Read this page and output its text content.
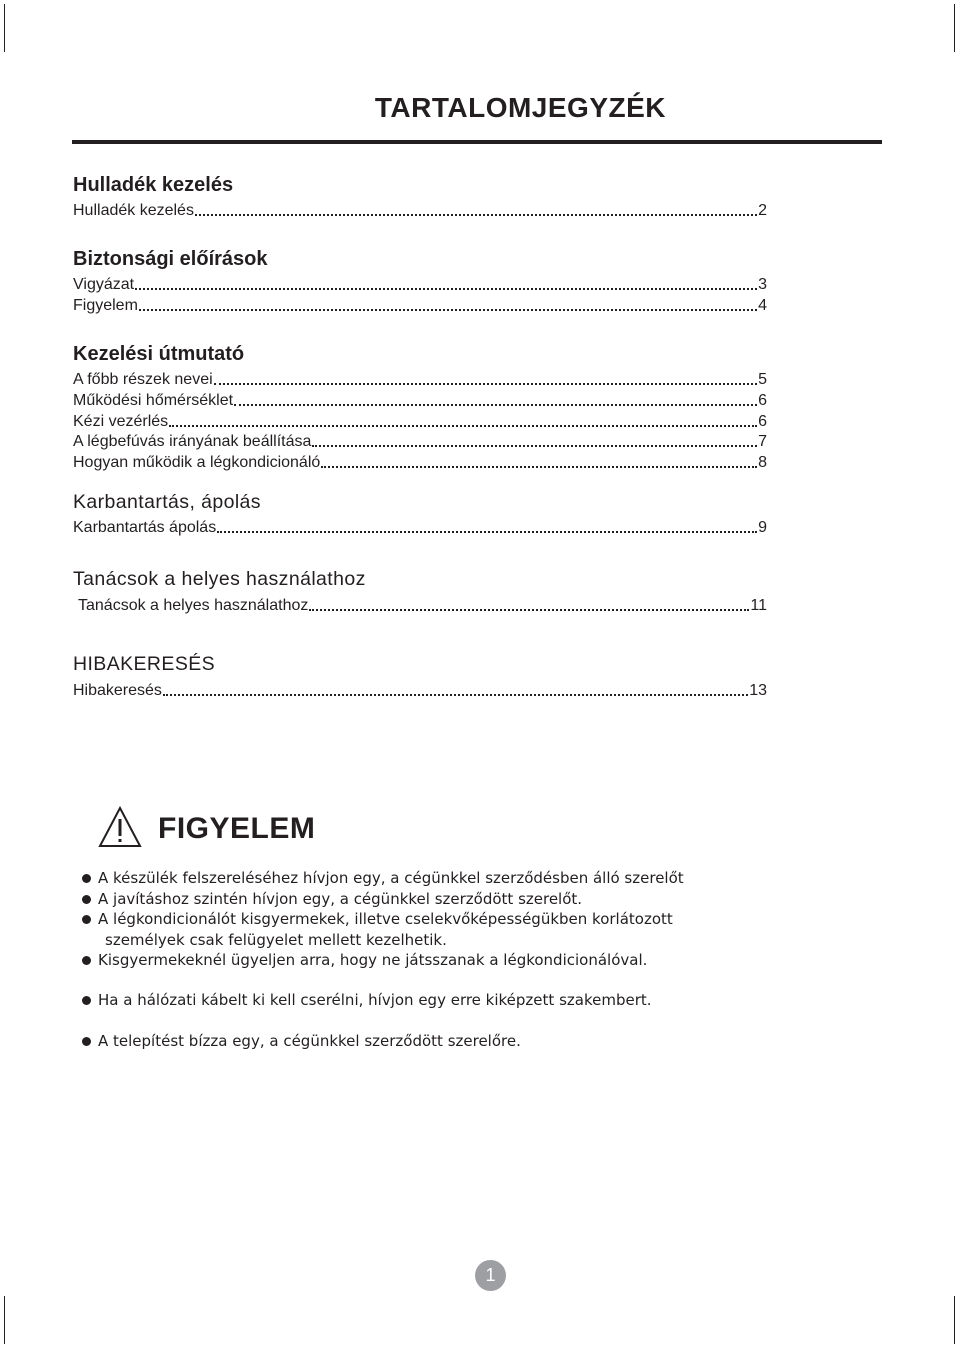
TARTALOMJEGYZÉK
Hulladék kezelés
Hulladék kezelés	2
Biztonsági előírások
Vigyázat	3
Figyelem	4
Kezelési útmutató
A főbb részek nevei	5
Működési hőmérséklet	6
Kézi vezérlés	6
A légbefúvás irányának beállítása	7
Hogyan működik a légkondicionáló	8
Karbantartás, ápolás
Karbantartás ápolás	9
Tanácsok a helyes használathoz
Tanácsok a helyes használathoz	11
HIBAKERESÉS
Hibakeresés	13
FIGYELEM
A készülék felszereléséhez hívjon egy, a cégünkkel szerződésben álló szerelőt
A javításhoz szintén hívjon egy, a cégünkkel szerződött szerelőt.
A légkondicionálót kisgyermekek, illetve cselekvőképességükben korlátozott
személyek csak felügyelet mellett kezelhetik.
Kisgyermekeknél ügyeljen arra, hogy ne játsszanak a légkondicionálóval.
Ha a hálózati kábelt ki kell cserélni, hívjon egy erre kiképzett szakembert.
A telepítést bízza egy, a cégünkkel szerződött szerelőre.
1
